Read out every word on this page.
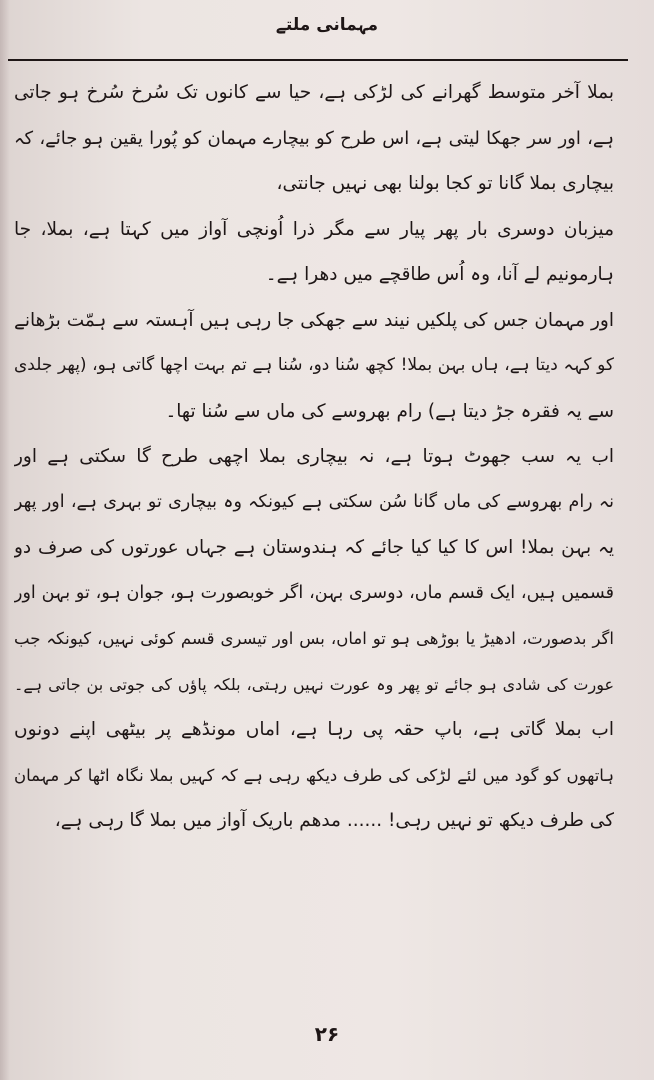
مہمانی ملتے
بملا آخر متوسط گھرانے کی لڑکی ہے، حیا سے کانوں تک سُرخ سُرخ ہو جاتی
ہے، اور سر جھکا لیتی ہے، اس طرح کو بیچارے مہمان کو پُورا یقین ہو جائے، کہ
بیچاری بملا گانا تو کجا بولنا بھی نہیں جانتی،
میزبان دوسری بار پھر پیار سے مگر ذرا اُونچی آواز میں کہتا ہے، بملا، جا
ہارمونیم لے آنا، وہ اُس طاقچے میں دھرا ہے۔
اور مہمان جس کی پلکیں نیند سے جھکی جا رہی ہیں آہستہ سے ہمّت بڑھانے
کو کہہ دیتا ہے، ہاں بہن بملا! کچھ سُنا دو، سُنا ہے تم بہت اچھا گاتی ہو، (پھر جلدی
سے یہ فقرہ جڑ دیتا ہے) رام بھروسے کی ماں سے سُنا تھا۔
اب یہ سب جھوٹ ہوتا ہے، نہ بیچاری بملا اچھی طرح گا سکتی ہے اور
نہ رام بھروسے کی ماں گانا سُن سکتی ہے کیونکہ وہ بیچاری تو بہری ہے، اور پھر
یہ بہن بملا! اس کا کیا کیا جائے کہ ہندوستان ہے جہاں عورتوں کی صرف دو
قسمیں ہیں، ایک قسم ماں، دوسری بہن، اگر خوبصورت ہو، جوان ہو، تو بہن اور
اگر بدصورت، ادھیڑ یا بوڑھی ہو تو اماں، بس اور تیسری قسم کوئی نہیں، کیونکہ جب
عورت کی شادی ہو جائے تو پھر وہ عورت نہیں رہتی، بلکہ پاؤں کی جوتی بن جاتی ہے۔
اب بملا گاتی ہے، باپ حقہ پی رہا ہے، اماں مونڈھے پر بیٹھی اپنے دونوں
ہاتھوں کو گود میں لئے لڑکی کی طرف دیکھ رہی ہے کہ کہیں بملا نگاہ اٹھا کر مہمان
کی طرف دیکھ تو نہیں رہی! ...... مدھم باریک آواز میں بملا گا رہی ہے،
۲۶
